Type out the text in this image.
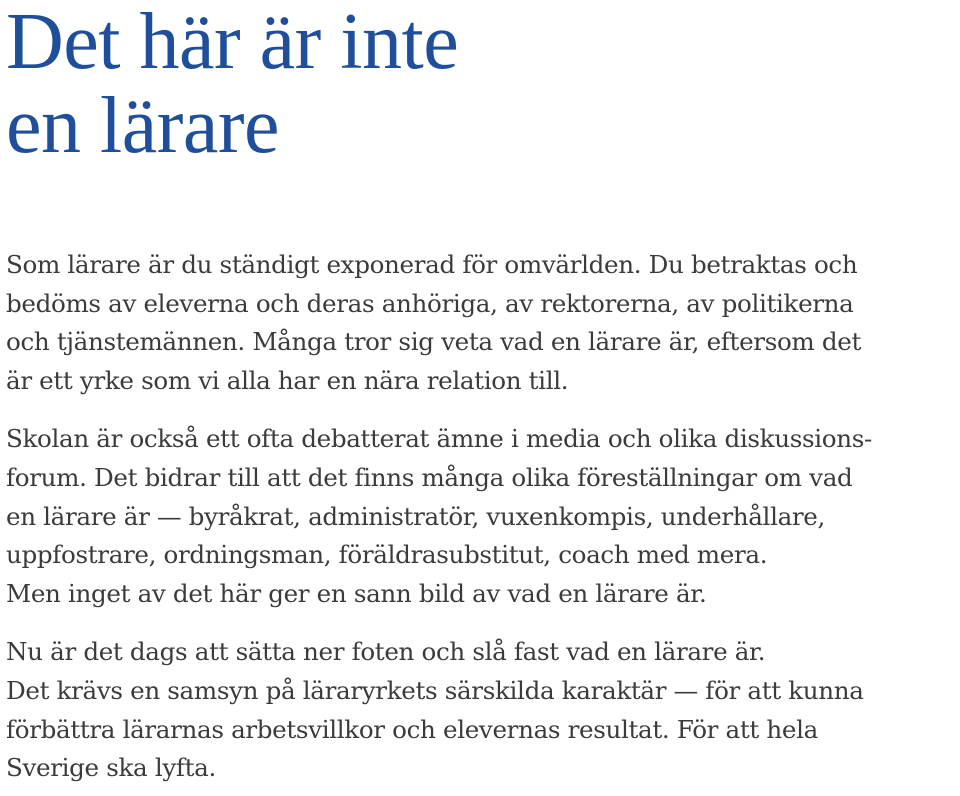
Det här är inte
en lärare

Som lärare är du ständigt exponerad för omvärlden. Du betraktas och
bedöms av eleverna och deras anhöriga, av rektorerna, av politikerna
och tjänstemännen. Många tror sig veta vad en lärare är, eftersom det
är ett yrke som vi alla har en nära relation till.

Skolan är också ett ofta debatterat ämne i media och olika diskussions-
forum. Det bidrar till att det finns många olika föreställningar om vad
en lärare är — byråkrat, administratör, vuxenkompis, underhållare,
uppfostrare, ordningsman, föräldrasubstitut, coach med mera.
Men inget av det här ger en sann bild av vad en lärare är.

Nu är det dags att sätta ner foten och slå fast vad en lärare är.
Det krävs en samsyn på läraryrkets särskilda karaktär — för att kunna
förbättra lärarnas arbetsvillkor och elevernas resultat. För att hela
Sverige ska lyfta.
